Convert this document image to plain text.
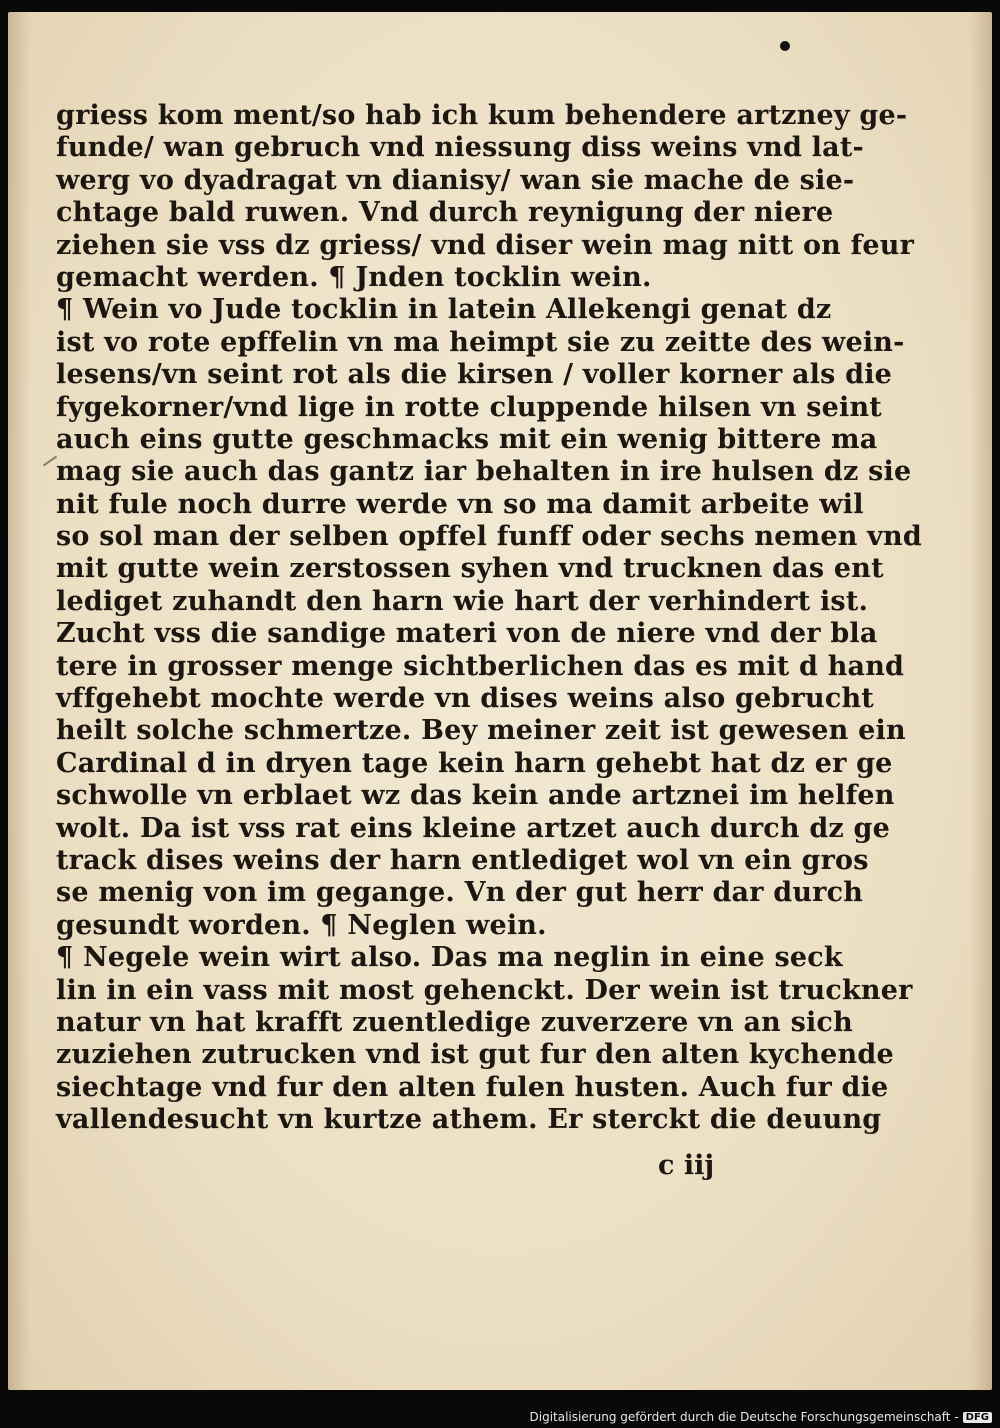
griess kom ment/so hab ich kum behendere artzney ge-
funde/ wan gebruch vnd niessung diss weins vnd lat-
werg vo dyadragat vn dianisy/ wan sie mache de sie-
chtage bald ruwen. Vnd durch reynigung der niere
ziehen sie vss dz griess/ vnd diser wein mag nitt on feur
gemacht werden. ¶ Jnden tocklin wein.
¶ Wein vo Jude tocklin in latein Allekengi genat dz
ist vo rote epffelin vn ma heimpt sie zu zeitte des wein-
lesens/vn seint rot als die kirsen / voller korner als die
fygekorner/vnd lige in rotte cluppende hilsen vn seint
auch eins gutte geschmacks mit ein wenig bittere ma
mag sie auch das gantz iar behalten in ire hulsen dz sie
nit fule noch durre werde vn so ma damit arbeite wil
so sol man der selben opffel funff oder sechs nemen vnd
mit gutte wein zerstossen syhen vnd trucknen das ent
lediget zuhandt den harn wie hart der verhindert ist.
Zucht vss die sandige materi von de niere vnd der bla
tere in grosser menge sichtberlichen das es mit d hand
vffgehebt mochte werde vn dises weins also gebrucht
heilt solche schmertze. Bey meiner zeit ist gewesen ein
Cardinal d in dryen tage kein harn gehebt hat dz er ge
schwolle vn erblaet wz das kein ande artznei im helfen
wolt. Da ist vss rat eins kleine artzet auch durch dz ge
track dises weins der harn entlediget wol vn ein gros
se menig von im gegange. Vn der gut herr dar durch
gesundt worden. ¶ Neglen wein.
¶ Negele wein wirt also. Das ma neglin in eine seck
lin in ein vass mit most gehenckt. Der wein ist truckner
natur vn hat krafft zuentledige zuverzere vn an sich
zuziehen zutrucken vnd ist gut fur den alten kychende
siechtage vnd fur den alten fulen husten. Auch fur die
vallendesucht vn kurtze athem. Er sterckt die deuung
c iij
Digitalisierung gefördert durch die Deutsche Forschungsgemeinschaft - DFG
